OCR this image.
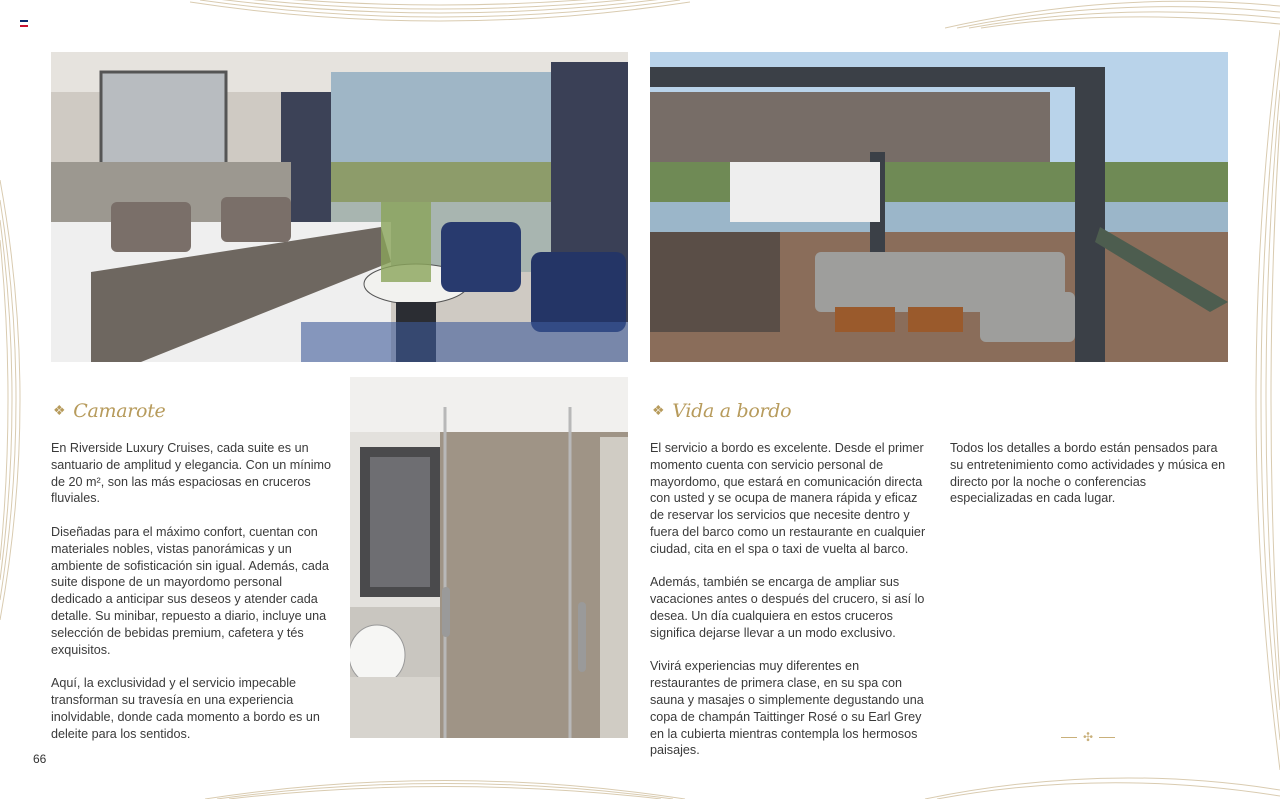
❖ Camarote

En Riverside Luxury Cruises, cada suite es un santuario de amplitud y elegancia. Con un mínimo de 20 m², son las más espaciosas en cruceros fluviales.

Diseñadas para el máximo confort, cuentan con materiales nobles, vistas panorámicas y un ambiente de sofisticación sin igual. Además, cada suite dispone de un mayordomo personal dedicado a anticipar sus deseos y atender cada detalle. Su minibar, repuesto a diario, incluye una selección de bebidas premium, cafetera y tés exquisitos.

Aquí, la exclusividad y el servicio impecable transforman su travesía en una experiencia inolvidable, donde cada momento a bordo es un deleite para los sentidos.

❖ Vida a bordo

El servicio a bordo es excelente. Desde el primer momento cuenta con servicio personal de mayordomo, que estará en comunicación directa con usted y se ocupa de manera rápida y eficaz de reservar los servicios que necesite dentro y fuera del barco como un restaurante en cualquier ciudad, cita en el spa o taxi de vuelta al barco.

Además, también se encarga de ampliar sus vacaciones antes o después del crucero, si así lo desea. Un día cualquiera en estos cruceros significa dejarse llevar a un modo exclusivo.

Vivirá experiencias muy diferentes en restaurantes de primera clase, en su spa con sauna y masajes o simplemente degustando una copa de champán Taittinger Rosé o su Earl Grey en la cubierta mientras contempla los hermosos paisajes.

Todos los detalles a bordo están pensados para su entretenimiento como actividades y música en directo por la noche o conferencias especializadas en cada lugar.

✣
66
